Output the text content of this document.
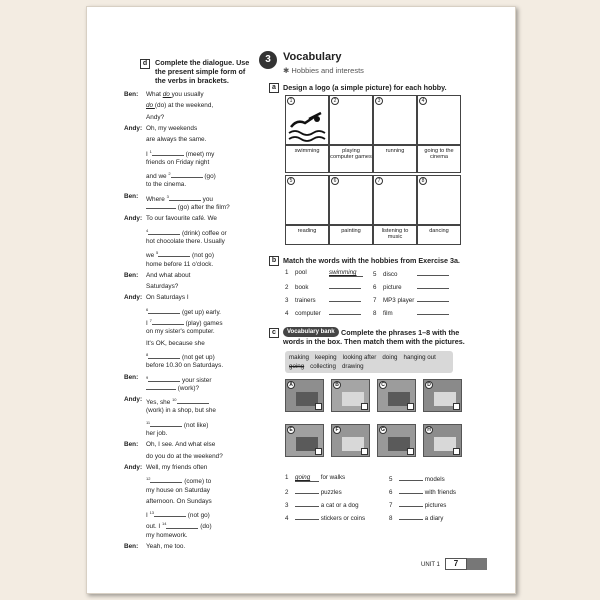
d	Complete the dialogue. Use
the present simple form of
the verbs in brackets.
Ben: What do you usually
do (do) at the weekend,
Andy?
Andy: Oh, my weekends
are always the same.
I $^1$	(meet) my
friends on Friday night
and we $^2$	(go)
to the cinema.
Ben: Where $^3$	you
(go) after the film?
Andy: To our favourite café. We
$^4$	(drink) coffee or
hot chocolate there. Usually
we $^5$	(not go)
home before 11 o'clock.
Ben: And what about
Saturdays?
Andy: On Saturdays I
$^6$	(get up) early.
I $^7$	(play) games
on my sister's computer.
It's OK, because she
$^8$	(not get up)
before 10.30 on Saturdays.
Ben: $^9$	your sister
(work)?
Andy: Yes, she $^{10}$
(work) in a shop, but she
$^{11}$	(not like)
her job.
Ben: Oh, I see. And what else
do you do at the weekend?
Andy: Well, my friends often
$^{12}$	(come) to
my house on Saturday
afternoon. On Sundays
I $^{13}$	(not go)
out. I $^{14}$	(do)
my homework.
Ben: Yeah, me too.
3	Vocabulary
✱ Hobbies and interests
a Design a logo (a simple picture) for each hobby.
1
swimming
2
playing computer games
3
running
4
going to the cinema
5
reading
6
painting
7
listening to music
8
dancing
b Match the words with the hobbies from Exercise 3a.
1 pool	swimming
2 book
3 trainers
4 computer
5 disco
6 picture
7 MP3 player
8 film
c	Vocabulary bank Complete the phrases 1–8 with the
words in the box. Then match them with the pictures.
making keeping looking after doing hanging out
going collecting drawing
A	B	C	D
E	F	G	H
1 going for walks
2	puzzles
3	a cat or a dog
4	stickers or coins
5	models
6	with friends
7	pictures
8	a diary
UNIT 1	7
